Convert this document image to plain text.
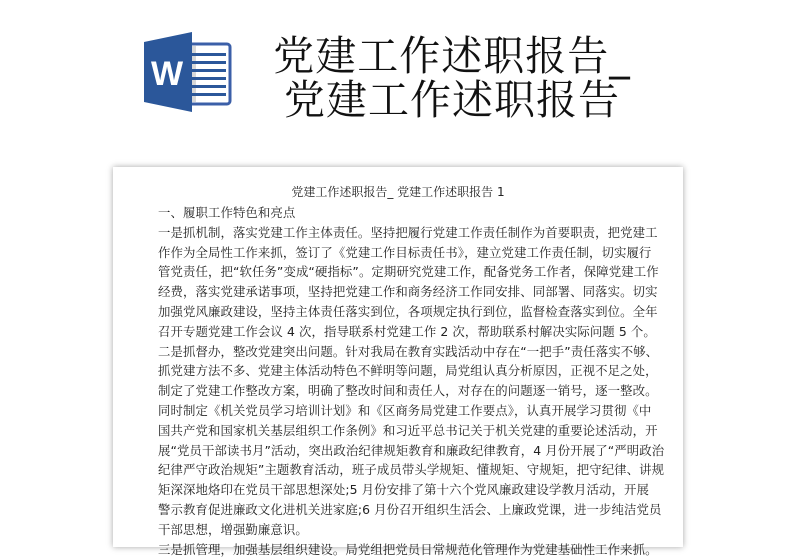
W	党建工作述职报告_
党建工作述职报告
党建工作述职报告_ 党建工作述职报告 1
一、履职工作特色和亮点
一是抓机制，落实党建工作主体责任。坚持把履行党建工作责任制作为首要职责，把党建工
作作为全局性工作来抓，签订了《党建工作目标责任书》，建立党建工作责任制，切实履行
管党责任，把“软任务”变成“硬指标”。定期研究党建工作，配备党务工作者，保障党建工作
经费，落实党建承诺事项，坚持把党建工作和商务经济工作同安排、同部署、同落实。切实
加强党风廉政建设，坚持主体责任落实到位，各项规定执行到位，监督检查落实到位。全年
召开专题党建工作会议 4 次，指导联系村党建工作 2 次，帮助联系村解决实际问题 5 个。
二是抓督办，整改党建突出问题。针对我局在教育实践活动中存在“一把手”责任落实不够、
抓党建方法不多、党建主体活动特色不鲜明等问题，局党组认真分析原因，正视不足之处，
制定了党建工作整改方案，明确了整改时间和责任人，对存在的问题逐一销号，逐一整改。
同时制定《机关党员学习培训计划》和《区商务局党建工作要点》，认真开展学习贯彻《中
国共产党和国家机关基层组织工作条例》和习近平总书记关于机关党建的重要论述活动，开
展“党员干部读书月”活动，突出政治纪律规矩教育和廉政纪律教育，4 月份开展了“严明政治
纪律严守政治规矩”主题教育活动，班子成员带头学规矩、懂规矩、守规矩，把守纪律、讲规
矩深深地烙印在党员干部思想深处;5 月份安排了第十六个党风廉政建设学教月活动，开展
警示教育促进廉政文化进机关进家庭;6 月份召开组织生活会、上廉政党课，进一步纯洁党员
干部思想，增强勤廉意识。
三是抓管理，加强基层组织建设。局党组把党员日常规范化管理作为党建基础性工作来抓。
